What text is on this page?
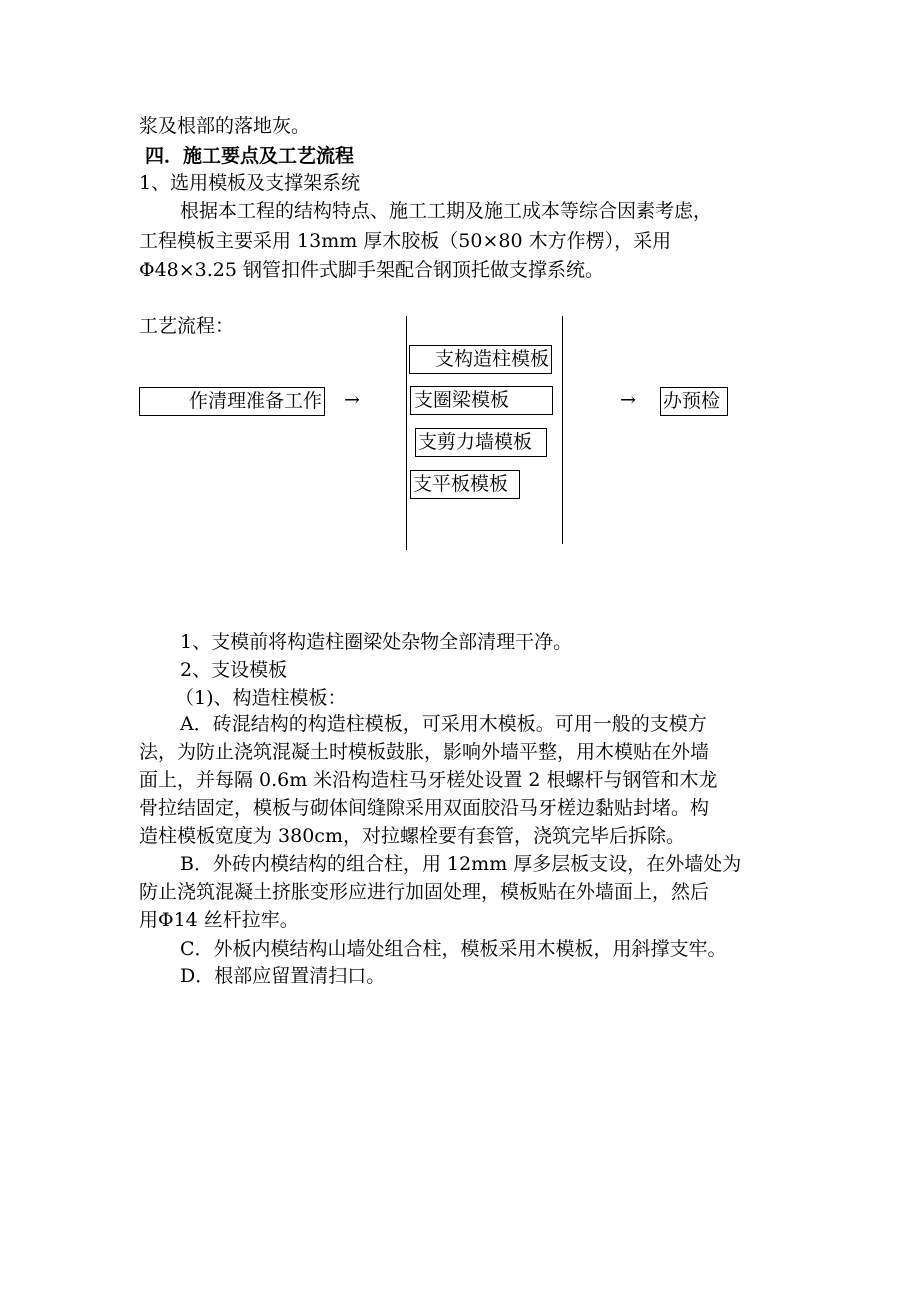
浆及根部的落地灰。
四．施工要点及工艺流程
1、选用模板及支撑架系统
根据本工程的结构特点、施工工期及施工成本等综合因素考虑，
工程模板主要采用 13mm 厚木胶板（50×80 木方作楞），采用
Φ48×3.25 钢管扣件式脚手架配合钢顶托做支撑系统。
工艺流程：
作清理准备工作 →
支构造柱模板
支圈梁模板
支剪力墙模板
支平板模板
→ 办预检
1、支模前将构造柱圈梁处杂物全部清理干净。
2、支设模板
（1)、构造柱模板：
A．砖混结构的构造柱模板，可采用木模板。可用一般的支模方
法，为防止浇筑混凝土时模板鼓胀，影响外墙平整，用木模贴在外墙
面上，并每隔 0.6m 米沿构造柱马牙槎处设置 2 根螺杆与钢管和木龙
骨拉结固定，模板与砌体间缝隙采用双面胶沿马牙槎边黏贴封堵。构
造柱模板宽度为 380cm，对拉螺栓要有套管，浇筑完毕后拆除。
B．外砖内模结构的组合柱，用 12mm 厚多层板支设，在外墙处为
防止浇筑混凝土挤胀变形应进行加固处理，模板贴在外墙面上，然后
用Φ14 丝杆拉牢。
C．外板内模结构山墙处组合柱，模板采用木模板，用斜撑支牢。
D．根部应留置清扫口。
